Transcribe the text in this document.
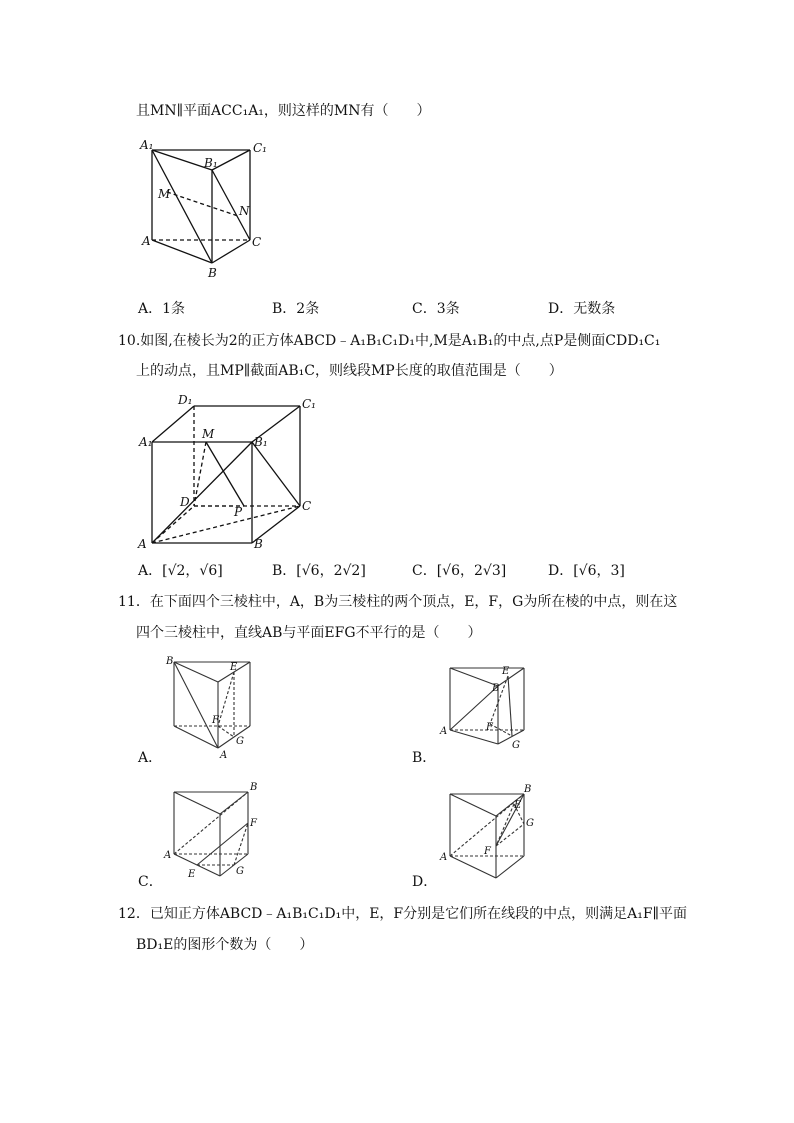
且MN∥平面ACC₁A₁，则这样的MN有（　　）
A₁
B₁
C₁
M
N
A
B
C
A．1条	B．2条	C．3条	D．无数条
10.如图,在棱长为2的正方体ABCD﹣A₁B₁C₁D₁中,M是A₁B₁的中点,点P是侧面CDD₁C₁
上的动点，且MP∥截面AB₁C，则线段MP长度的取值范围是（　　）
D₁	C₁
A₁
M
B₁
D
P	C
A	B
A．[√2，√6]	B．[√6，2√2]	C．[√6，2√3]	D．[√6，3]
11．在下面四个三棱柱中，A，B为三棱柱的两个顶点，E，F，G为所在棱的中点，则在这
四个三棱柱中，直线AB与平面EFG不平行的是（　　）
B
E
F
G
A
A．
E
B
A	F
G
B．
B
F
A
E	G
C．
B
E
G
A
F
D．
12．已知正方体ABCD﹣A₁B₁C₁D₁中，E，F分别是它们所在线段的中点，则满足A₁F∥平面
BD₁E的图形个数为（　　）
